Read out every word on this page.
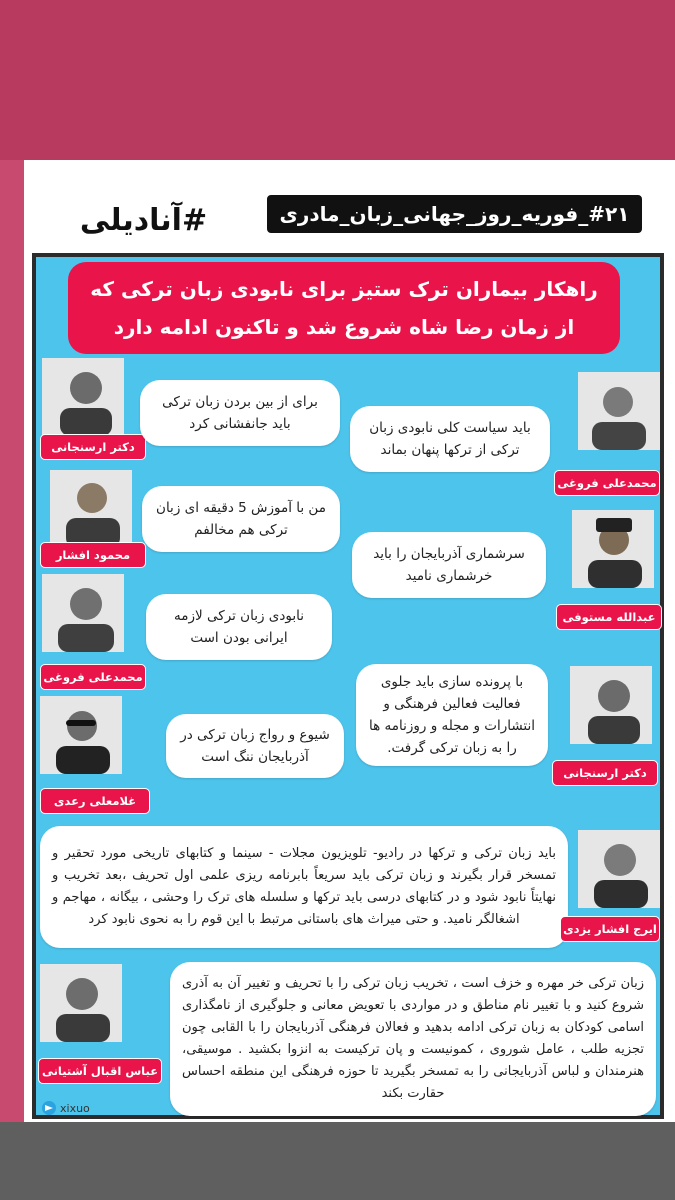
#آنادیلی	#۲۱_فوریه_روز_جهانی_زبان_مادری
راهکار بیماران ترک ستیز برای نابودی زبان ترکی که
از زمان رضا شاه شروع شد و تاکنون ادامه دارد
دکتر ارسنجانی
برای از بین بردن زبان ترکی باید جانفشانی کرد
محمدعلی فروغی
باید سیاست کلی نابودی زبان ترکی از ترکها پنهان بماند
محمود افشار
من با آموزش 5 دقیقه ای زبان ترکی هم مخالفم
عبدالله مستوفی
سرشماری آذربایجان را باید خرشماری نامید
محمدعلی فروغی
نابودی زبان ترکی لازمه ایرانی بودن است
دکتر ارسنجانی
با پرونده سازی باید جلوی فعالیت فعالین فرهنگی و انتشارات و مجله و روزنامه ها را به زبان ترکی گرفت.
غلامعلی رعدی
شیوع و رواج زبان ترکی در آذربایجان ننگ است
باید زبان ترکی و ترکها در رادیو- تلویزیون مجلات - سینما و کتابهای تاریخی مورد تحقیر و تمسخر قرار بگیرند و زبان ترکی باید سریعاً بابرنامه ریزی علمی اول تحریف ،بعد تخریب و نهایتاً نابود شود و در کتابهای درسی باید ترکها و سلسله های ترک را وحشی ، بیگانه ، مهاجم و اشغالگر نامید. و حتی میراث های باستانی مرتبط با این قوم را به نحوی نابود کرد
ایرج افشار یزدی
عباس اقبال آشتیانی
زبان ترکی خر مهره و خزف است ، تخریب زبان ترکی را با تحریف و تغییر آن به آذری شروع کنید و با تغییر نام مناطق و در مواردی با تعویض معانی و جلوگیری از نامگذاری اسامی کودکان به زبان ترکی ادامه بدهید و فعالان فرهنگی آذربایجان را با القابی چون تجزیه طلب ، عامل شوروی ، کمونیست و پان ترکیست به انزوا بکشید . موسیقی، هنرمندان و لباس آذربایجانی را به تمسخر بگیرید تا حوزه فرهنگی این منطقه احساس حقارت بکند
xixuo
